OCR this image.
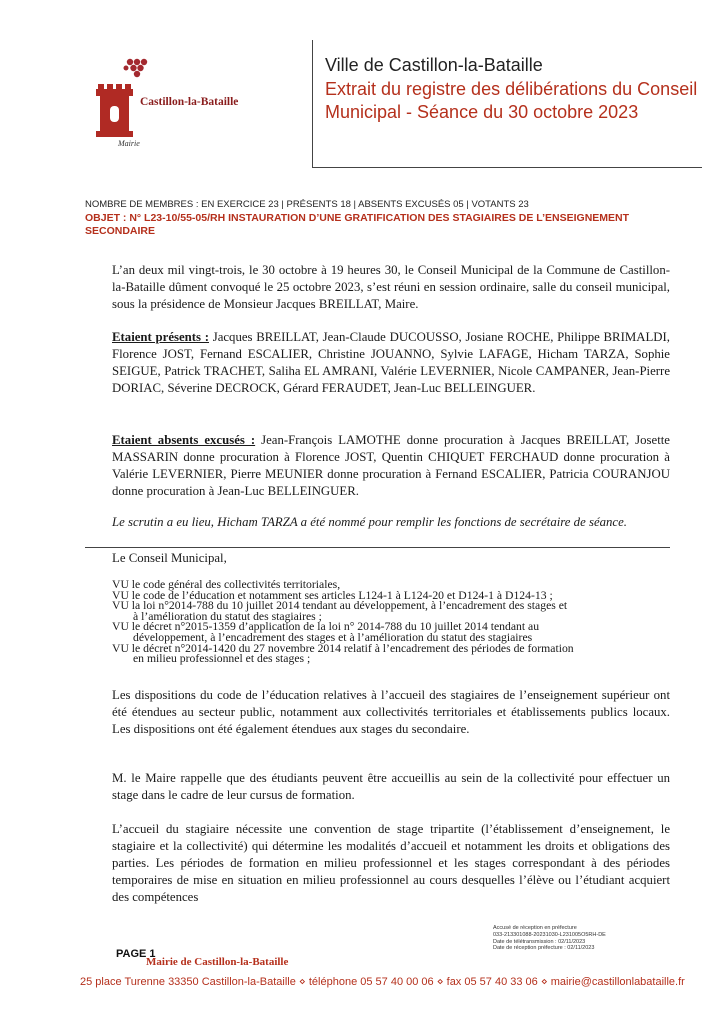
Castillon-la-Bataille
Mairie
Ville de Castillon-la-Bataille
Extrait du registre des délibérations du Conseil Municipal - Séance du 30 octobre 2023
NOMBRE DE MEMBRES : EN EXERCICE 23 | PRÉSENTS 18 | ABSENTS EXCUSÉS 05 | VOTANTS 23
OBJET : N° L23-10/55-05/RH INSTAURATION D’UNE GRATIFICATION DES STAGIAIRES DE L’ENSEIGNEMENT SECONDAIRE
L’an deux mil vingt-trois, le 30 octobre à 19 heures 30, le Conseil Municipal de la Commune de Castillon-la-Bataille dûment convoqué le 25 octobre 2023, s’est réuni en session ordinaire, salle du conseil municipal, sous la présidence de Monsieur Jacques BREILLAT, Maire.
Etaient présents : Jacques BREILLAT, Jean-Claude DUCOUSSO, Josiane ROCHE, Philippe BRIMALDI, Florence JOST, Fernand ESCALIER, Christine JOUANNO, Sylvie LAFAGE, Hicham TARZA, Sophie SEIGUE, Patrick TRACHET, Saliha EL AMRANI, Valérie LEVERNIER, Nicole CAMPANER, Jean-Pierre DORIAC, Séverine DECROCK, Gérard FERAUDET, Jean-Luc BELLEINGUER.
Etaient absents excusés : Jean-François LAMOTHE donne procuration à Jacques BREILLAT, Josette MASSARIN donne procuration à Florence JOST, Quentin CHIQUET FERCHAUD donne procuration à Valérie LEVERNIER, Pierre MEUNIER donne procuration à Fernand ESCALIER, Patricia COURANJOU donne procuration à Jean-Luc BELLEINGUER.
Le scrutin a eu lieu, Hicham TARZA a été nommé pour remplir les fonctions de secrétaire de séance.
Le Conseil Municipal,
VU le code général des collectivités territoriales,
VU le code de l’éducation et notamment ses articles L124-1 à L124-20 et D124-1 à D124-13 ;
VU la loi n°2014-788 du 10 juillet 2014 tendant au développement, à l’encadrement des stages et
à l’amélioration du statut des stagiaires ;
VU le décret n°2015-1359 d’application de la loi n° 2014-788 du 10 juillet 2014 tendant au
développement, à l’encadrement des stages et à l’amélioration du statut des stagiaires
VU le décret n°2014-1420 du 27 novembre 2014 relatif à l’encadrement des périodes de formation
en milieu professionnel et des stages ;
Les dispositions du code de l’éducation relatives à l’accueil des stagiaires de l’enseignement supérieur ont été étendues au secteur public, notamment aux collectivités territoriales et établissements publics locaux. Les dispositions ont été également étendues aux stages du secondaire.
M. le Maire rappelle que des étudiants peuvent être accueillis au sein de la collectivité pour effectuer un stage dans le cadre de leur cursus de formation.
L’accueil du stagiaire nécessite une convention de stage tripartite (l’établissement d’enseignement, le stagiaire et la collectivité) qui détermine les modalités d’accueil et notamment les droits et obligations des parties. Les périodes de formation en milieu professionnel et les stages correspondant à des périodes temporaires de mise en situation en milieu professionnel au cours desquelles l’élève ou l’étudiant acquiert des compétences
Accusé de réception en préfecture
033-213301088-20231030-L231005O5RH-DE
Date de télétransmission : 02/11/2023
Date de réception préfecture : 02/11/2023
PAGE 1
Mairie de Castillon-la-Bataille
25 place Turenne 33350 Castillon-la-Bataille ⋄ téléphone 05 57 40 00 06 ⋄ fax 05 57 40 33 06 ⋄ mairie@castillonlabataille.fr
